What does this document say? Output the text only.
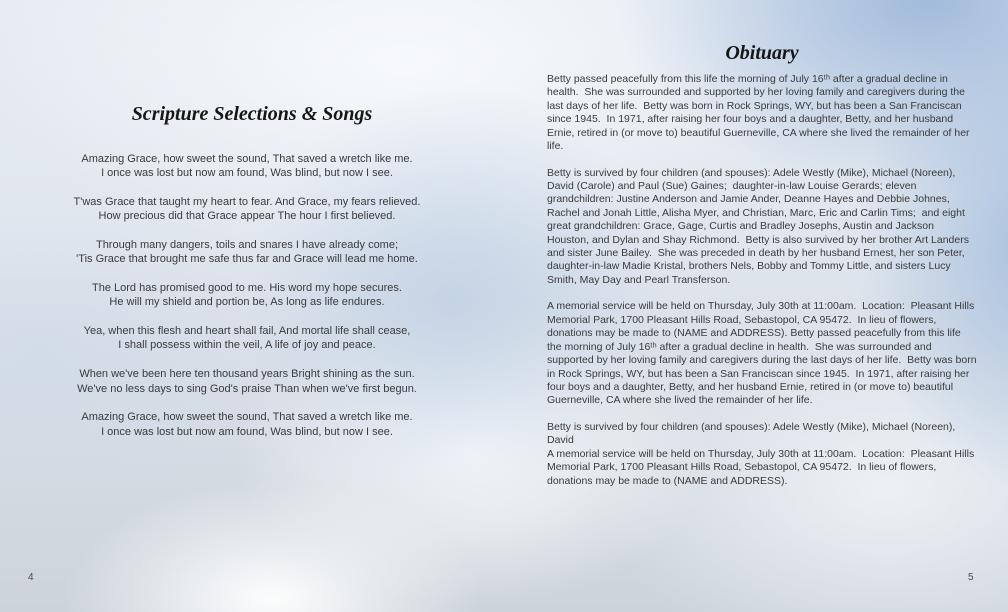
Scripture Selections & Songs
Amazing Grace, how sweet the sound, That saved a wretch like me.
I once was lost but now am found, Was blind, but now I see.
T'was Grace that taught my heart to fear. And Grace, my fears relieved.
How precious did that Grace appear The hour I first believed.
Through many dangers, toils and snares I have already come;
'Tis Grace that brought me safe thus far and Grace will lead me home.
The Lord has promised good to me. His word my hope secures.
He will my shield and portion be, As long as life endures.
Yea, when this flesh and heart shall fail, And mortal life shall cease,
I shall possess within the veil, A life of joy and peace.
When we've been here ten thousand years Bright shining as the sun.
We've no less days to sing God's praise Than when we've first begun.
Amazing Grace, how sweet the sound, That saved a wretch like me.
I once was lost but now am found, Was blind, but now I see.
4
Obituary

Betty passed peacefully from this life the morning of July 16ᵗʰ after a gradual decline in health.  She was surrounded and supported by her loving family and caregivers during the last days of her life.  Betty was born in Rock Springs, WY, but has been a San Franciscan since 1945.  In 1971, after raising her four boys and a daughter, Betty, and her husband Ernie, retired in (or move to) beautiful Guerneville, CA where she lived the remainder of her life.

Betty is survived by four children (and spouses): Adele Westly (Mike), Michael (Noreen), David (Carole) and Paul (Sue) Gaines;  daughter-in-law Louise Gerards; eleven grandchildren: Justine Anderson and Jamie Ander, Deanne Hayes and Debbie Johnes, Rachel and Jonah Little, Alisha Myer, and Christian, Marc, Eric and Carlin Tims;  and eight great grandchildren: Grace, Gage, Curtis and Bradley Josephs, Austin and Jackson Houston, and Dylan and Shay Richmond.  Betty is also survived by her brother Art Landers and sister June Bailey.  She was preceded in death by her husband Ernest, her son Peter, daughter-in-law Madie Kristal, brothers Nels, Bobby and Tommy Little, and sisters Lucy Smith, May Day and Pearl Transferson.

A memorial service will be held on Thursday, July 30th at 11:00am.  Location:  Pleasant Hills Memorial Park, 1700 Pleasant Hills Road, Sebastopol, CA 95472.  In lieu of flowers, donations may be made to (NAME and ADDRESS). Betty passed peacefully from this life the morning of July 16ᵗʰ after a gradual decline in health.  She was surrounded and supported by her loving family and caregivers during the last days of her life.  Betty was born in Rock Springs, WY, but has been a San Franciscan since 1945.  In 1971, after raising her four boys and a daughter, Betty, and her husband Ernie, retired in (or move to) beautiful Guerneville, CA where she lived the remainder of her life.

Betty is survived by four children (and spouses): Adele Westly (Mike), Michael (Noreen), David

A memorial service will be held on Thursday, July 30th at 11:00am.  Location:  Pleasant Hills Memorial Park, 1700 Pleasant Hills Road, Sebastopol, CA 95472.  In lieu of flowers, donations may be made to (NAME and ADDRESS).

5
